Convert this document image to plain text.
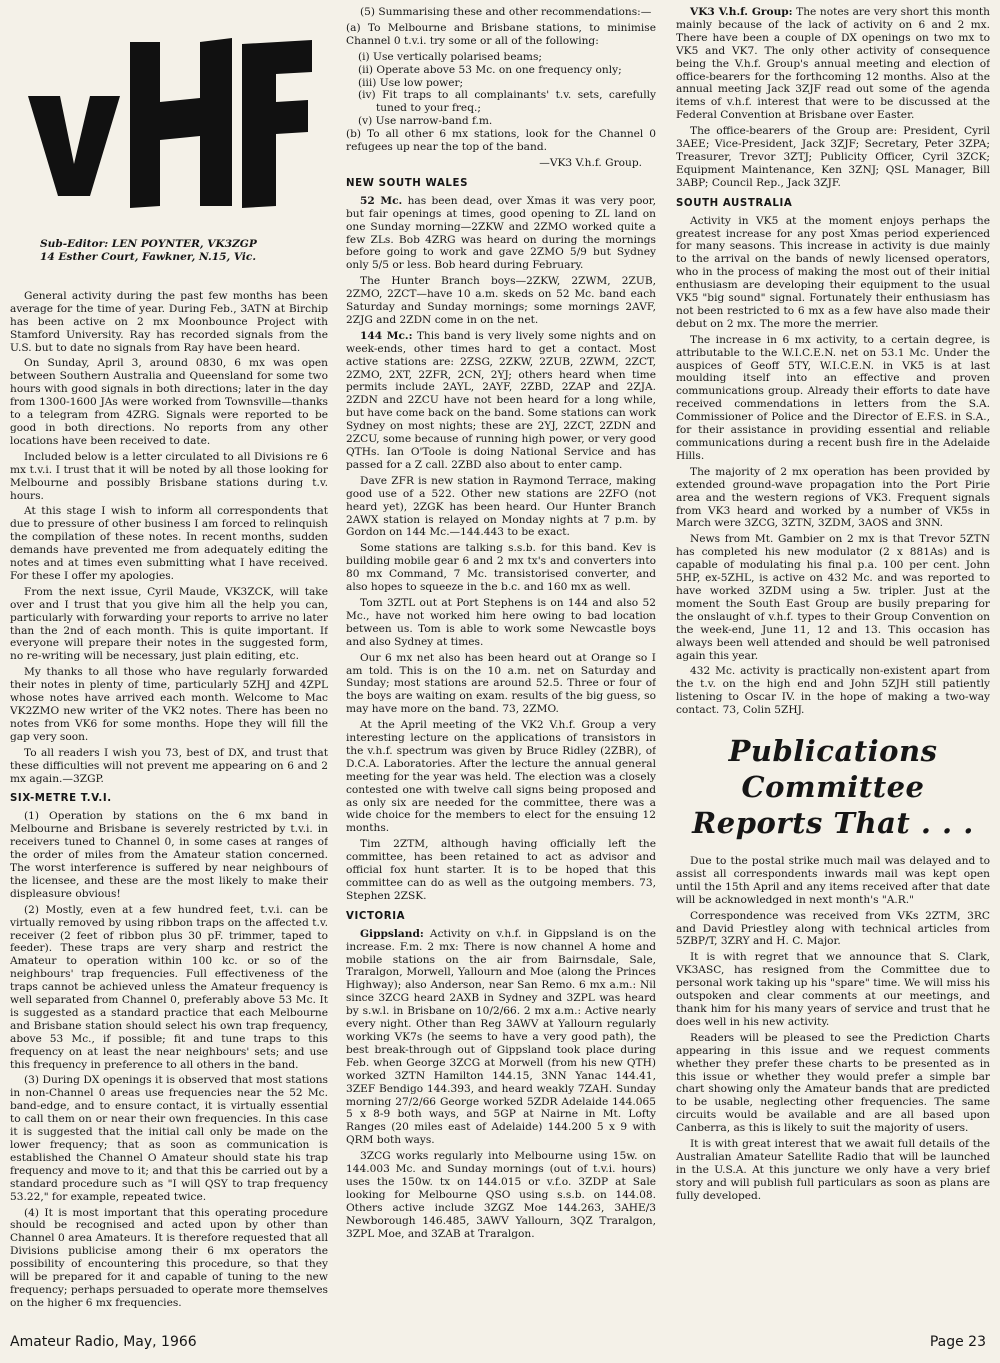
Sub-Editor: LEN POYNTER, VK3ZGP
14 Esther Court, Fawkner, N.15, Vic.

General activity during the past few months has been average for the time of year. During Feb., 3ATN at Birchip has been active on 2 mx Moonbounce Project with Stamford University. Ray has recorded signals from the U.S. but to date no signals from Ray have been heard.

On Sunday, April 3, around 0830, 6 mx was open between Southern Australia and Queensland for some two hours with good signals in both directions; later in the day from 1300-1600 JAs were worked from Townsville—thanks to a telegram from 4ZRG. Signals were reported to be good in both directions. No reports from any other locations have been received to date.

Included below is a letter circulated to all Divisions re 6 mx t.v.i. I trust that it will be noted by all those looking for Melbourne and possibly Brisbane stations during t.v. hours.

At this stage I wish to inform all correspondents that due to pressure of other business I am forced to relinquish the compilation of these notes. In recent months, sudden demands have prevented me from adequately editing the notes and at times even submitting what I have received. For these I offer my apologies.

From the next issue, Cyril Maude, VK3ZCK, will take over and I trust that you give him all the help you can, particularly with forwarding your reports to arrive no later than the 2nd of each month. This is quite important. If everyone will prepare their notes in the suggested form, no re-writing will be necessary, just plain editing, etc.

My thanks to all those who have regularly forwarded their notes in plenty of time, particularly 5ZHJ and 4ZPL whose notes have arrived each month. Welcome to Mac VK2ZMO new writer of the VK2 notes. There has been no notes from VK6 for some months. Hope they will fill the gap very soon.

To all readers I wish you 73, best of DX, and trust that these difficulties will not prevent me appearing on 6 and 2 mx again.—3ZGP.

SIX-METRE T.V.I.

(1) Operation by stations on the 6 mx band in Melbourne and Brisbane is severely restricted by t.v.i. in receivers tuned to Channel 0, in some cases at ranges of the order of miles from the Amateur station concerned. The worst interference is suffered by near neighbours of the licensee, and these are the most likely to make their displeasure obvious!

(2) Mostly, even at a few hundred feet, t.v.i. can be virtually removed by using ribbon traps on the affected t.v. receiver (2 feet of ribbon plus 30 pF. trimmer, taped to feeder). These traps are very sharp and restrict the Amateur to operation within 100 kc. or so of the neighbours' trap frequencies. Full effectiveness of the traps cannot be achieved unless the Amateur frequency is well separated from Channel 0, preferably above 53 Mc. It is suggested as a standard practice that each Melbourne and Brisbane station should select his own trap frequency, above 53 Mc., if possible; fit and tune traps to this frequency on at least the near neighbours' sets; and use this frequency in preference to all others in the band.

(3) During DX openings it is observed that most stations in non-Channel 0 areas use frequencies near the 52 Mc. band-edge, and to ensure contact, it is virtually essential to call them on or near their own frequencies. In this case it is suggested that the initial call only be made on the lower frequency; that as soon as communication is established the Channel O Amateur should state his trap frequency and move to it; and that this be carried out by a standard procedure such as "I will QSY to trap frequency 53.22," for example, repeated twice.

(4) It is most important that this operating procedure should be recognised and acted upon by other than Channel 0 area Amateurs. It is therefore requested that all Divisions publicise among their 6 mx operators the possibility of encountering this procedure, so that they will be prepared for it and capable of tuning to the new frequency; perhaps persuaded to operate more themselves on the higher 6 mx frequencies.

(5) Summarising these and other recommendations:—

(a) To Melbourne and Brisbane stations, to minimise Channel 0 t.v.i. try some or all of the following:

(i) Use vertically polarised beams;
(ii) Operate above 53 Mc. on one frequency only;
(iii) Use low power;
(iv) Fit traps to all complainants' t.v. sets, carefully tuned to your freq.;
(v) Use narrow-band f.m.

(b) To all other 6 mx stations, look for the Channel 0 refugees up near the top of the band.

—VK3 V.h.f. Group.
NEW SOUTH WALES

52 Mc. has been dead, over Xmas it was very poor, but fair openings at times, good opening to ZL land on one Sunday morning—2ZKW and 2ZMO worked quite a few ZLs. Bob 4ZRG was heard on during the mornings before going to work and gave 2ZMO 5/9 but Sydney only 5/5 or less. Bob heard during February.

The Hunter Branch boys—2ZKW, 2ZWM, 2ZUB, 2ZMO, 2ZCT—have 10 a.m. skeds on 52 Mc. band each Saturday and Sunday mornings; some mornings 2AVF, 2ZJG and 2ZDN come in on the net.

144 Mc.: This band is very lively some nights and on week-ends, other times hard to get a contact. Most active stations are: 2ZSG, 2ZKW, 2ZUB, 2ZWM, 2ZCT, 2ZMO, 2XT, 2ZFR, 2CN, 2YJ; others heard when time permits include 2AYL, 2AYF, 2ZBD, 2ZAP and 2ZJA. 2ZDN and 2ZCU have not been heard for a long while, but have come back on the band. Some stations can work Sydney on most nights; these are 2YJ, 2ZCT, 2ZDN and 2ZCU, some because of running high power, or very good QTHs. Ian O'Toole is doing National Service and has passed for a Z call. 2ZBD also about to enter camp.

Dave ZFR is new station in Raymond Terrace, making good use of a 522. Other new stations are 2ZFO (not heard yet), 2ZGK has been heard. Our Hunter Branch 2AWX station is relayed on Monday nights at 7 p.m. by Gordon on 144 Mc.—144.443 to be exact.

Some stations are talking s.s.b. for this band. Kev is building mobile gear 6 and 2 mx tx's and converters into 80 mx Command, 7 Mc. transistorised converter, and also hopes to squeeze in the b.c. and 160 mx as well.

Tom 3ZTL out at Port Stephens is on 144 and also 52 Mc., have not worked him here owing to bad location between us. Tom is able to work some Newcastle boys and also Sydney at times.

Our 6 mx net also has been heard out at Orange so I am told. This is on the 10 a.m. net on Saturday and Sunday; most stations are around 52.5. Three or four of the boys are waiting on exam. results of the big guess, so may have more on the band. 73, 2ZMO.

At the April meeting of the VK2 V.h.f. Group a very interesting lecture on the applications of transistors in the v.h.f. spectrum was given by Bruce Ridley (2ZBR), of D.C.A. Laboratories. After the lecture the annual general meeting for the year was held. The election was a closely contested one with twelve call signs being proposed and as only six are needed for the committee, there was a wide choice for the members to elect for the ensuing 12 months.

Tim 2ZTM, although having officially left the committee, has been retained to act as advisor and official fox hunt starter. It is to be hoped that this committee can do as well as the outgoing members. 73, Stephen 2ZSK.

VICTORIA

Gippsland: Activity on v.h.f. in Gippsland is on the increase. F.m. 2 mx: There is now channel A home and mobile stations on the air from Bairnsdale, Sale, Traralgon, Morwell, Yallourn and Moe (along the Princes Highway); also Anderson, near San Remo. 6 mx a.m.: Nil since 3ZCG heard 2AXB in Sydney and 3ZPL was heard by s.w.l. in Brisbane on 10/2/66. 2 mx a.m.: Active nearly every night. Other than Reg 3AWV at Yallourn regularly working VK7s (he seems to have a very good path), the best break-through out of Gippsland took place during Feb. when George 3ZCG at Morwell (from his new QTH) worked 3ZTN Hamilton 144.15, 3NN Yanac 144.41, 3ZEF Bendigo 144.393, and heard weakly 7ZAH. Sunday morning 27/2/66 George worked 5ZDR Adelaide 144.065 5 x 8-9 both ways, and 5GP at Nairne in Mt. Lofty Ranges (20 miles east of Adelaide) 144.200 5 x 9 with QRM both ways.

3ZCG works regularly into Melbourne using 15w. on 144.003 Mc. and Sunday mornings (out of t.v.i. hours) uses the 150w. tx on 144.015 or v.f.o. 3ZDP at Sale looking for Melbourne QSO using s.s.b. on 144.08. Others active include 3ZGZ Moe 144.263, 3AHE/3 Newborough 146.485, 3AWV Yallourn, 3QZ Traralgon, 3ZPL Moe, and 3ZAB at Traralgon.

VK3 V.h.f. Group: The notes are very short this month mainly because of the lack of activity on 6 and 2 mx. There have been a couple of DX openings on two mx to VK5 and VK7. The only other activity of consequence being the V.h.f. Group's annual meeting and election of office-bearers for the forthcoming 12 months. Also at the annual meeting Jack 3ZJF read out some of the agenda items of v.h.f. interest that were to be discussed at the Federal Convention at Brisbane over Easter.

The office-bearers of the Group are: President, Cyril 3AEE; Vice-President, Jack 3ZJF; Secretary, Peter 3ZPA; Treasurer, Trevor 3ZTJ; Publicity Officer, Cyril 3ZCK; Equipment Maintenance, Ken 3ZNJ; QSL Manager, Bill 3ABP; Council Rep., Jack 3ZJF.

SOUTH AUSTRALIA

Activity in VK5 at the moment enjoys perhaps the greatest increase for any post Xmas period experienced for many seasons. This increase in activity is due mainly to the arrival on the bands of newly licensed operators, who in the process of making the most out of their initial enthusiasm are developing their equipment to the usual VK5 "big sound" signal. Fortunately their enthusiasm has not been restricted to 6 mx as a few have also made their debut on 2 mx. The more the merrier.

The increase in 6 mx activity, to a certain degree, is attributable to the W.I.C.E.N. net on 53.1 Mc. Under the auspices of Geoff 5TY, W.I.C.E.N. in VK5 is at last moulding itself into an effective and proven communications group. Already their efforts to date have received commendations in letters from the S.A. Commissioner of Police and the Director of E.F.S. in S.A., for their assistance in providing essential and reliable communications during a recent bush fire in the Adelaide Hills.

The majority of 2 mx operation has been provided by extended ground-wave propagation into the Port Pirie area and the western regions of VK3. Frequent signals from VK3 heard and worked by a number of VK5s in March were 3ZCG, 3ZTN, 3ZDM, 3AOS and 3NN.

News from Mt. Gambier on 2 mx is that Trevor 5ZTN has completed his new modulator (2 x 881As) and is capable of modulating his final p.a. 100 per cent. John 5HP, ex-5ZHL, is active on 432 Mc. and was reported to have worked 3ZDM using a 5w. tripler. Just at the moment the South East Group are busily preparing for the onslaught of v.h.f. types to their Group Convention on the week-end, June 11, 12 and 13. This occasion has always been well attended and should be well patronised again this year.

432 Mc. activity is practically non-existent apart from the t.v. on the high end and John 5ZJH still patiently listening to Oscar IV. in the hope of making a two-way contact. 73, Colin 5ZHJ.

Publications Committee
Reports That . . .

Due to the postal strike much mail was delayed and to assist all correspondents inwards mail was kept open until the 15th April and any items received after that date will be acknowledged in next month's "A.R."

Correspondence was received from VKs 2ZTM, 3RC and David Priestley along with technical articles from 5ZBP/T, 3ZRY and H. C. Major.

It is with regret that we announce that S. Clark, VK3ASC, has resigned from the Committee due to personal work taking up his "spare" time. We will miss his outspoken and clear comments at our meetings, and thank him for his many years of service and trust that he does well in his new activity.

Readers will be pleased to see the Prediction Charts appearing in this issue and we request comments whether they prefer these charts to be presented as in this issue or whether they would prefer a simple bar chart showing only the Amateur bands that are predicted to be usable, neglecting other frequencies. The same circuits would be available and are all based upon Canberra, as this is likely to suit the majority of users.

It is with great interest that we await full details of the Australian Amateur Satellite Radio that will be launched in the U.S.A. At this juncture we only have a very brief story and will publish full particulars as soon as plans are fully developed.

Amateur Radio, May, 1966	Page 23
